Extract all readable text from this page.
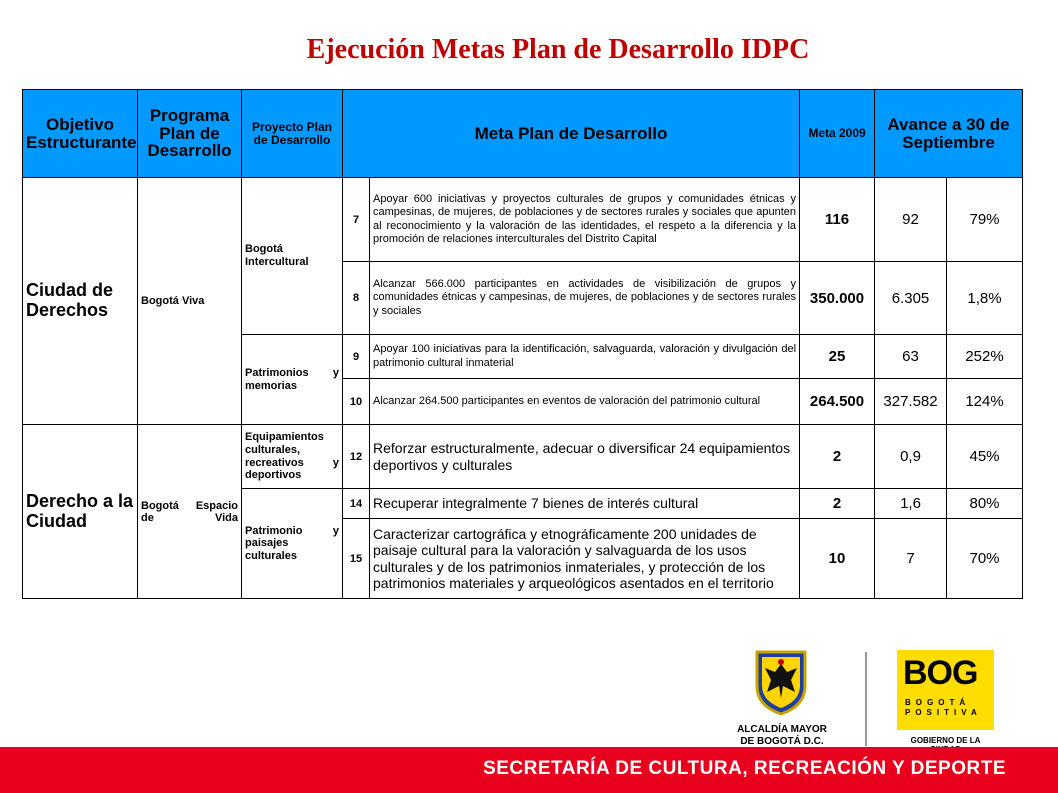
Ejecución Metas Plan de Desarrollo IDPC
Objetivo Estructurante	Programa Plan de Desarrollo	Proyecto Plan de Desarrollo	Meta Plan de Desarrollo		Meta 2009	Avance a 30 de Septiembre	
Ciudad de Derechos	Bogotá Viva	Bogotá Intercultural	7	Apoyar 600 iniciativas y proyectos culturales de grupos y comunidades étnicas y campesinas, de mujeres, de poblaciones y de sectores rurales y sociales que apunten al reconocimiento y la valoración de las identidades, el respeto a la diferencia y la promoción de relaciones interculturales del Distrito Capital	116	92	79%
			8	Alcanzar 566.000 participantes en actividades de visibilización de grupos y comunidades étnicas y campesinas, de mujeres, de poblaciones y de sectores rurales y sociales	350.000	6.305	1,8%
		Patrimonios y memorias	9	Apoyar 100 iniciativas para la identificación, salvaguarda, valoración y divulgación del patrimonio cultural inmaterial	25	63	252%
			10	Alcanzar 264.500 participantes en eventos de valoración del patrimonio cultural	264.500	327.582	124%
Derecho a la Ciudad	Bogotá Espacio de Vida	Equipamientos culturales, recreativos y deportivos	12	Reforzar estructuralmente, adecuar o diversificar 24 equipamientos deportivos y culturales	2	0,9	45%
		Patrimonio y paisajes culturales	14	Recuperar integralmente 7 bienes de interés cultural	2	1,6	80%
			15	Caracterizar cartográfica y etnográficamente 200 unidades de paisaje cultural para la valoración y salvaguarda de los usos culturales y de los patrimonios inmateriales, y protección de los patrimonios materiales y arqueológicos asentados en el territorio	10	7	70%
ALCALDÍA MAYOR
DE BOGOTÁ D.C.
BOG
BOGOTÁ
POSITIVA
GOBIERNO DE LA
SECRETARÍA DE CULTURA, RECREACIÓN Y DEPORTE
